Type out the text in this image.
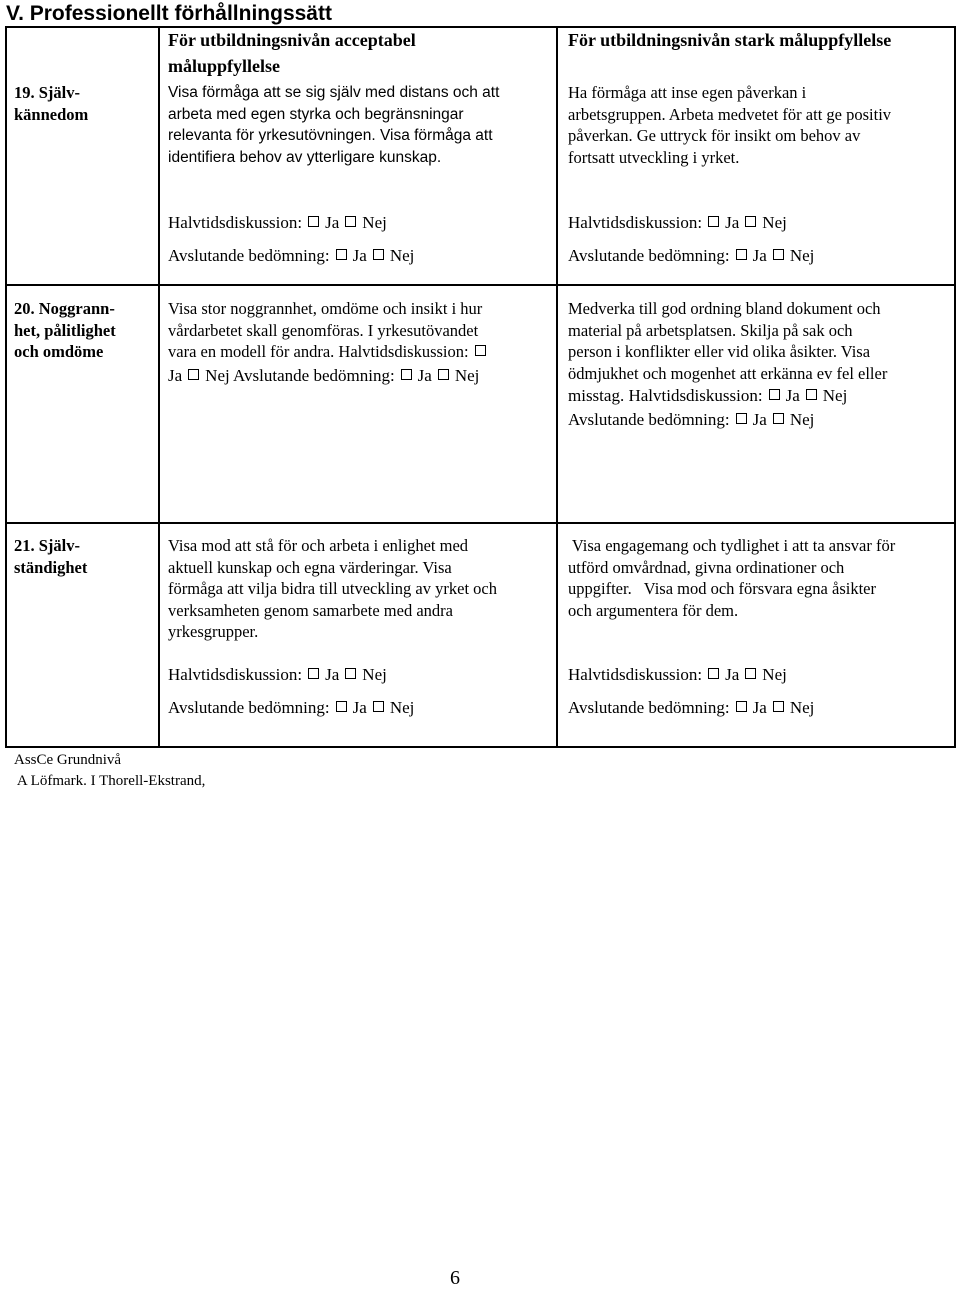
V. Professionellt förhållningssätt
För utbildningsnivån acceptabel måluppfyllelse
För utbildningsnivån stark måluppfyllelse
19. Själv-
kännedom
Visa förmåga att se sig själv med distans och att
arbeta med egen styrka och begränsningar
relevanta för yrkesutövningen. Visa förmåga att
identifiera behov av ytterligare kunskap.
Ha förmåga att inse egen påverkan i
arbetsgruppen. Arbeta medvetet för att ge positiv
påverkan. Ge uttryck för insikt om behov av
fortsatt utveckling i yrket.
Halvtidsdiskussion: Ja Nej
Avslutande bedömning: Ja Nej
Halvtidsdiskussion: Ja Nej
Avslutande bedömning: Ja Nej
20. Noggrann-
het, pålitlighet
och omdöme
Visa stor noggrannhet, omdöme och insikt i hur
vårdarbetet skall genomföras. I yrkesutövandet
vara en modell för andra. Halvtidsdiskussion:
Ja Nej Avslutande bedömning: Ja Nej
Medverka till god ordning bland dokument och
material på arbetsplatsen. Skilja på sak och
person i konflikter eller vid olika åsikter. Visa
ödmjukhet och mogenhet att erkänna ev fel eller
misstag. Halvtidsdiskussion: Ja Nej
Avslutande bedömning: Ja Nej
21. Själv-
ständighet
Visa mod att stå för och arbeta i enlighet med
aktuell kunskap och egna värderingar. Visa
förmåga att vilja bidra till utveckling av yrket och
verksamheten genom samarbete med andra
yrkesgrupper.
Visa engagemang och tydlighet i att ta ansvar för
utförd omvårdnad, givna ordinationer och
uppgifter.   Visa mod och försvara egna åsikter
och argumentera för dem.
Halvtidsdiskussion: Ja Nej
Avslutande bedömning: Ja Nej
Halvtidsdiskussion: Ja Nej
Avslutande bedömning: Ja Nej
AssCe Grundnivå
A Löfmark. I Thorell-Ekstrand,
6
